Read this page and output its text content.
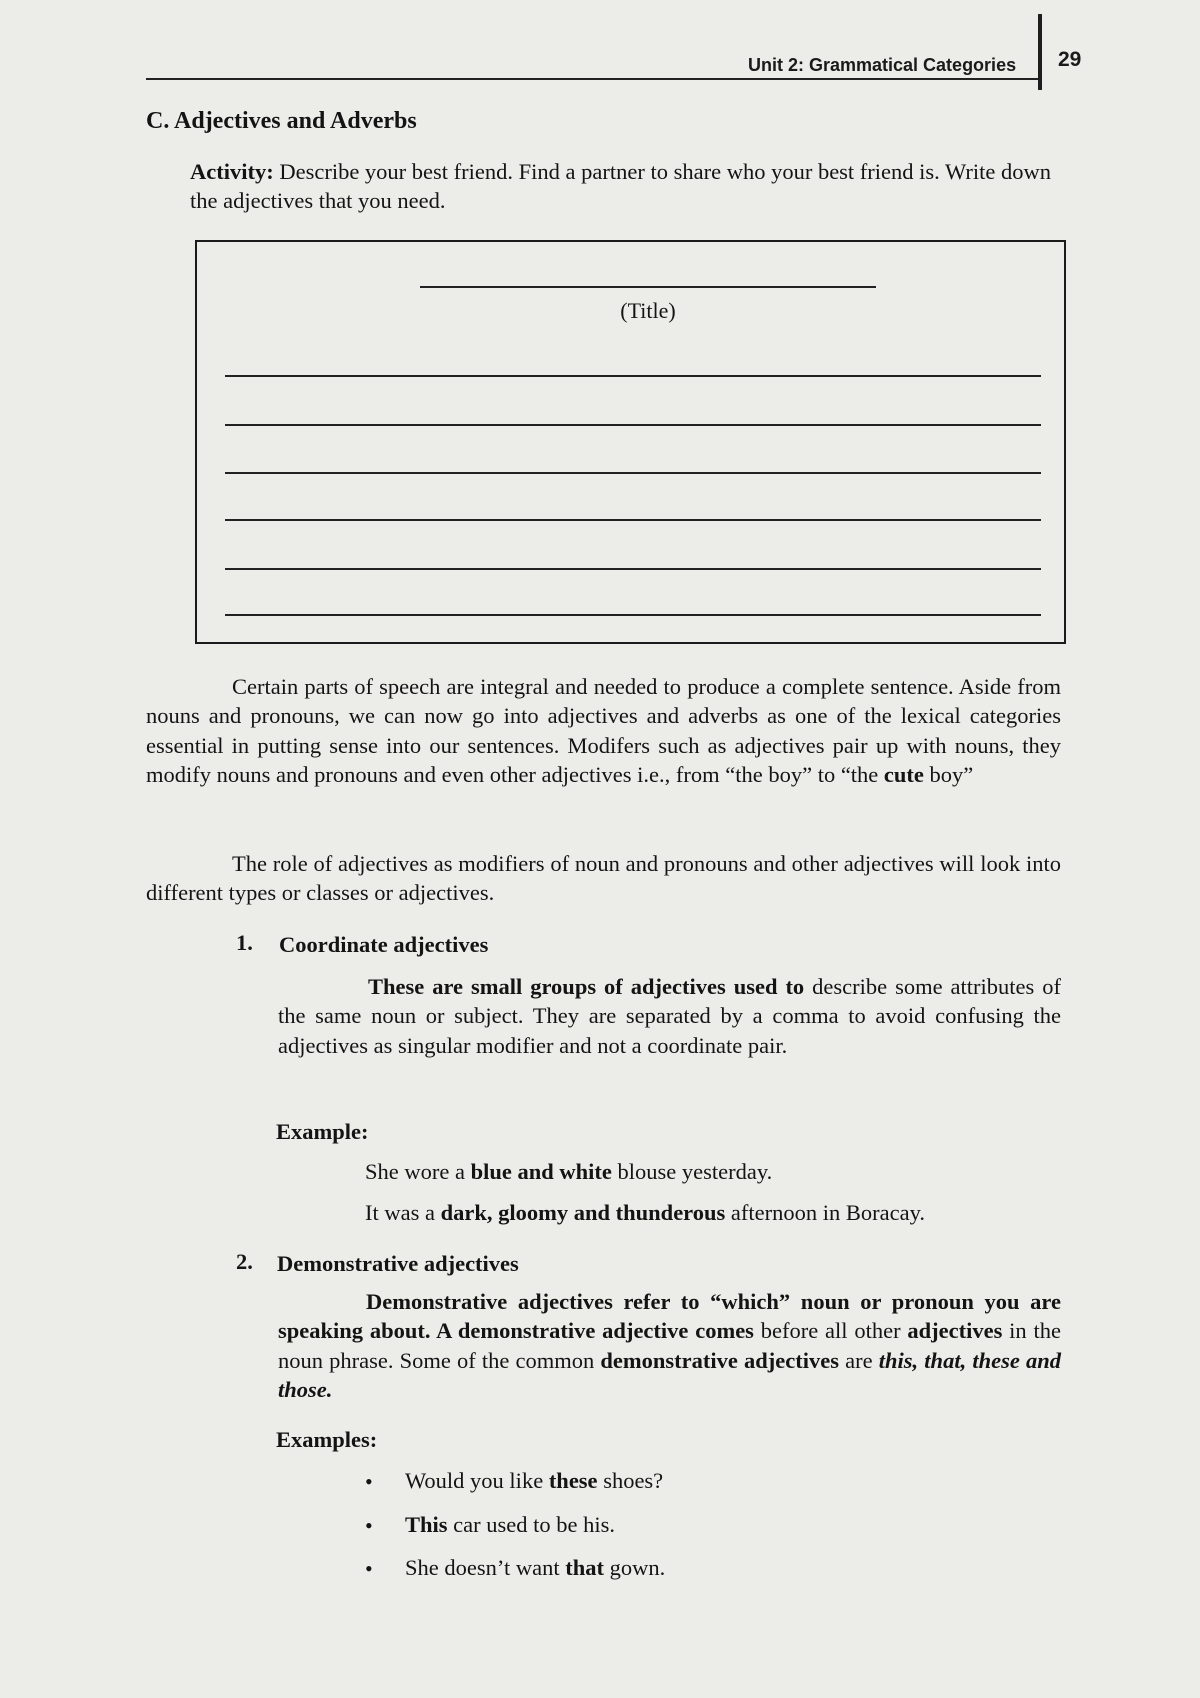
Unit 2: Grammatical Categories 29
C. Adjectives and Adverbs
Activity: Describe your best friend. Find a partner to share who your best friend is. Write down the adjectives that you need.
(Title)
Certain parts of speech are integral and needed to produce a complete sentence. Aside from nouns and pronouns, we can now go into adjectives and adverbs as one of the lexical categories essential in putting sense into our sentences. Modifers such as adjectives pair up with nouns, they modify nouns and pronouns and even other adjectives i.e., from “the boy” to “the cute boy”
The role of adjectives as modifiers of noun and pronouns and other adjectives will look into different types or classes or adjectives.
1. Coordinate adjectives
These are small groups of adjectives used to describe some attributes of the same noun or subject. They are separated by a comma to avoid confusing the adjectives as singular modifier and not a coordinate pair.
Example:
She wore a blue and white blouse yesterday.
It was a dark, gloomy and thunderous afternoon in Boracay.
2. Demonstrative adjectives
Demonstrative adjectives refer to “which” noun or pronoun you are speaking about. A demonstrative adjective comes before all other adjectives in the noun phrase. Some of the common demonstrative adjectives are this, that, these and those.
Examples:
• Would you like these shoes?
• This car used to be his.
• She doesn’t want that gown.
